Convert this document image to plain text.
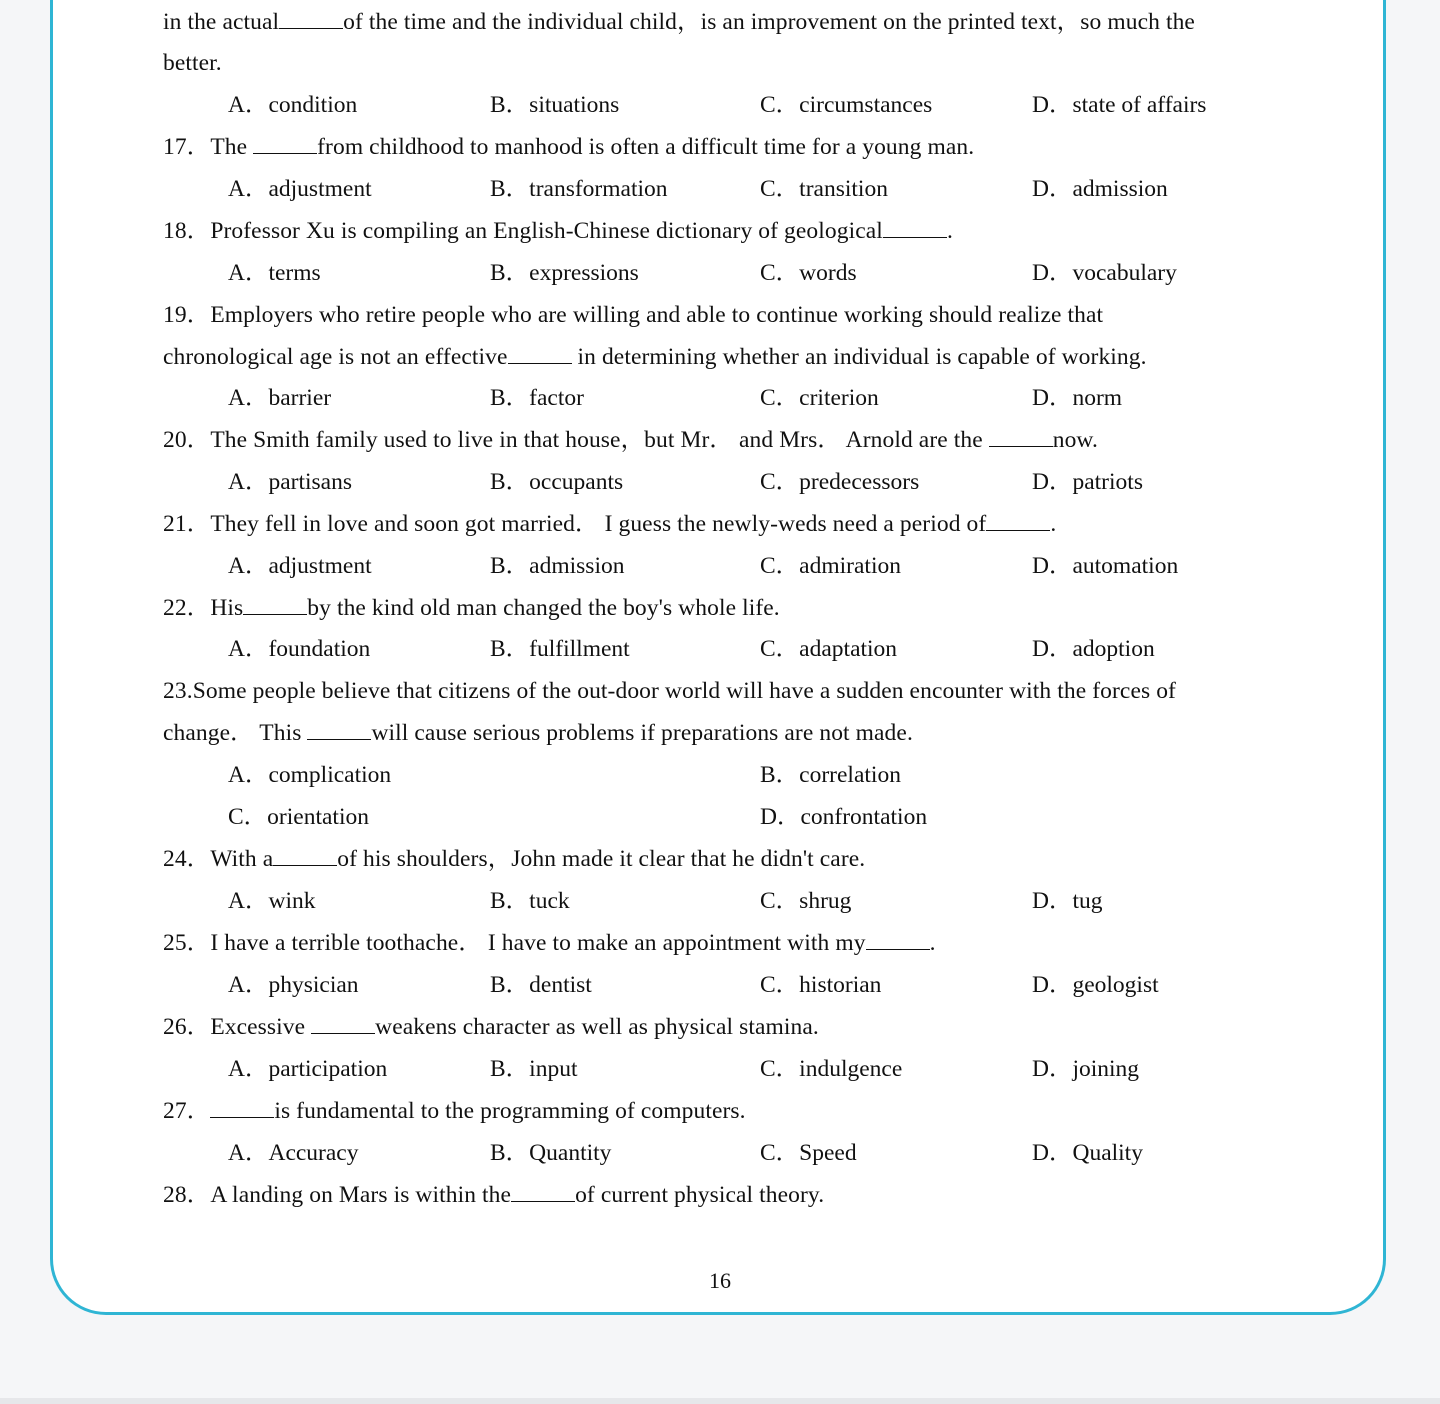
in the actual	of the time and the individual child，is an improvement on the printed text，so much the
better.
A．condition	B．situations	C．circumstances	D．state of affairs
17．The	from childhood to manhood is often a difficult time for a young man.
A．adjustment	B．transformation	C．transition	D．admission
18．Professor Xu is compiling an English-Chinese dictionary of geological	.
A．terms	B．expressions	C．words	D．vocabulary
19．Employers who retire people who are willing and able to continue working should realize that
chronological age is not an effective	in determining whether an individual is capable of working.
A．barrier	B．factor	C．criterion	D．norm
20．The Smith family used to live in that house，but Mr． and Mrs． Arnold are the	now.
A．partisans	B．occupants	C．predecessors	D．patriots
21．They fell in love and soon got married． I guess the newly-weds need a period of	.
A．adjustment	B．admission	C．admiration	D．automation
22．His	by the kind old man changed the boy's whole life.
A．foundation	B．fulfillment	C．adaptation	D．adoption
23.Some people believe that citizens of the out-door world will have a sudden encounter with the forces of
change． This	will cause serious problems if preparations are not made.
A．complication	B．correlation
C．orientation	D．confrontation
24．With a	of his shoulders，John made it clear that he didn't care.
A．wink	B．tuck	C．shrug	D．tug
25．I have a terrible toothache． I have to make an appointment with my	.
A．physician	B．dentist	C．historian	D．geologist
26．Excessive	weakens character as well as physical stamina.
A．participation	B．input	C．indulgence	D．joining
27．	is fundamental to the programming of computers.
A．Accuracy	B．Quantity	C．Speed	D．Quality
28．A landing on Mars is within the	of current physical theory.
16
